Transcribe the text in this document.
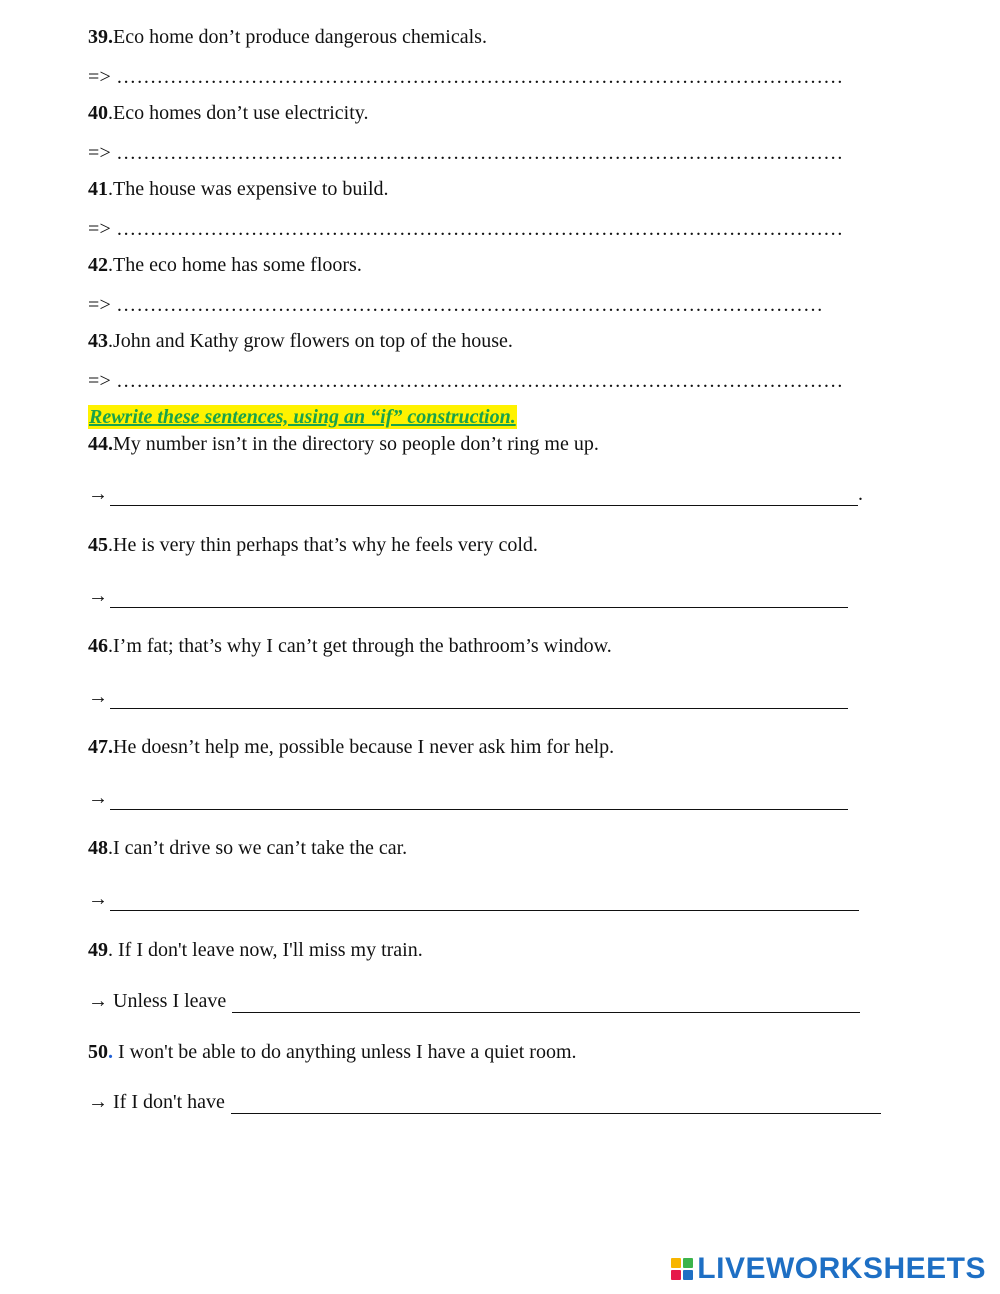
39.Eco home don’t produce dangerous chemicals.
=> ………………………………………………………………………………………………
40.Eco homes don’t use electricity.
=> ………………………………………………………………………………………………
41.The house was expensive to build.
=> ………………………………………………………………………………………………
42.The eco home has some floors.
=> ……………………………………………………………………………………………
43.John and Kathy grow flowers on top of the house.
=> ………………………………………………………………………………………………
Rewrite these sentences, using an “if” construction.
44.My number isn’t in the directory so people don’t ring me up.
→	.
45.He is very thin perhaps that’s why he feels very cold.
→
46.I’m fat; that’s why I can’t get through the bathroom’s window.
→
47.He doesn’t help me, possible because I never ask him for help.
→
48.I can’t drive so we can’t take the car.
→
49. If I don't leave now, I'll miss my train.
→ Unless I leave
50. I won't be able to do anything unless I have a quiet room.
→ If I don't have
LIVEWORKSHEETS
